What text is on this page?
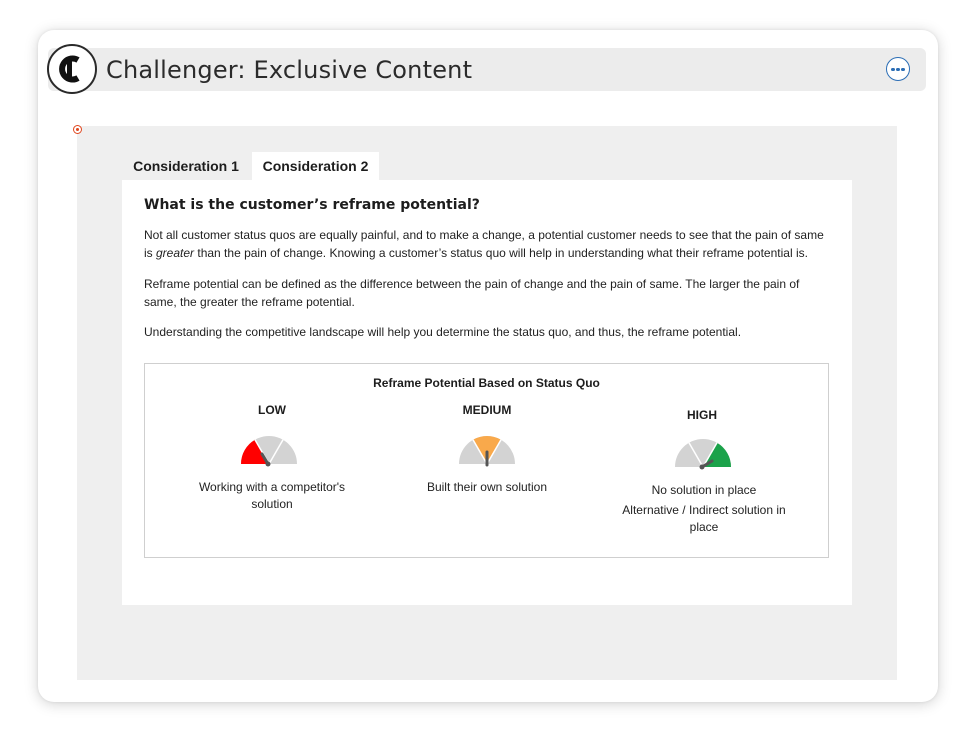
Challenger: Exclusive Content
Consideration 1	Consideration 2
What is the customer’s reframe potential?

Not all customer status quos are equally painful, and to make a change, a potential customer needs to see that the pain of same is greater than the pain of change. Knowing a customer’s status quo will help in understanding what their reframe potential is.

Reframe potential can be defined as the difference between the pain of change and the pain of same. The larger the pain of same, the greater the reframe potential.

Understanding the competitive landscape will help you determine the status quo, and thus, the reframe potential.

Reframe Potential Based on Status Quo
LOW
Working with a competitor's solution
MEDIUM
Built their own solution
HIGH
No solution in place
Alternative / Indirect solution in place
